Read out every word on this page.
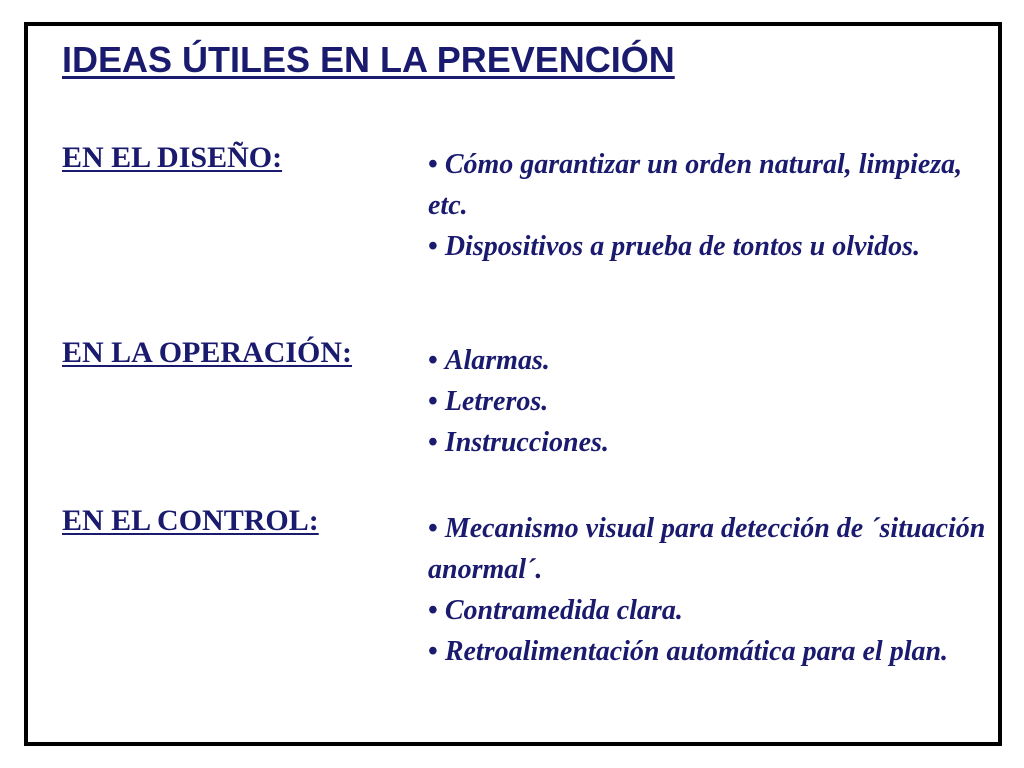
IDEAS ÚTILES EN LA PREVENCIÓN
EN EL DISEÑO:	• Cómo garantizar un orden natural, limpieza, etc.
• Dispositivos a prueba de tontos u olvidos.
EN LA OPERACIÓN:	• Alarmas.
• Letreros.
• Instrucciones.
EN EL CONTROL:	• Mecanismo visual para detección de ´situación anormal´.
• Contramedida clara.
• Retroalimentación automática para el plan.
